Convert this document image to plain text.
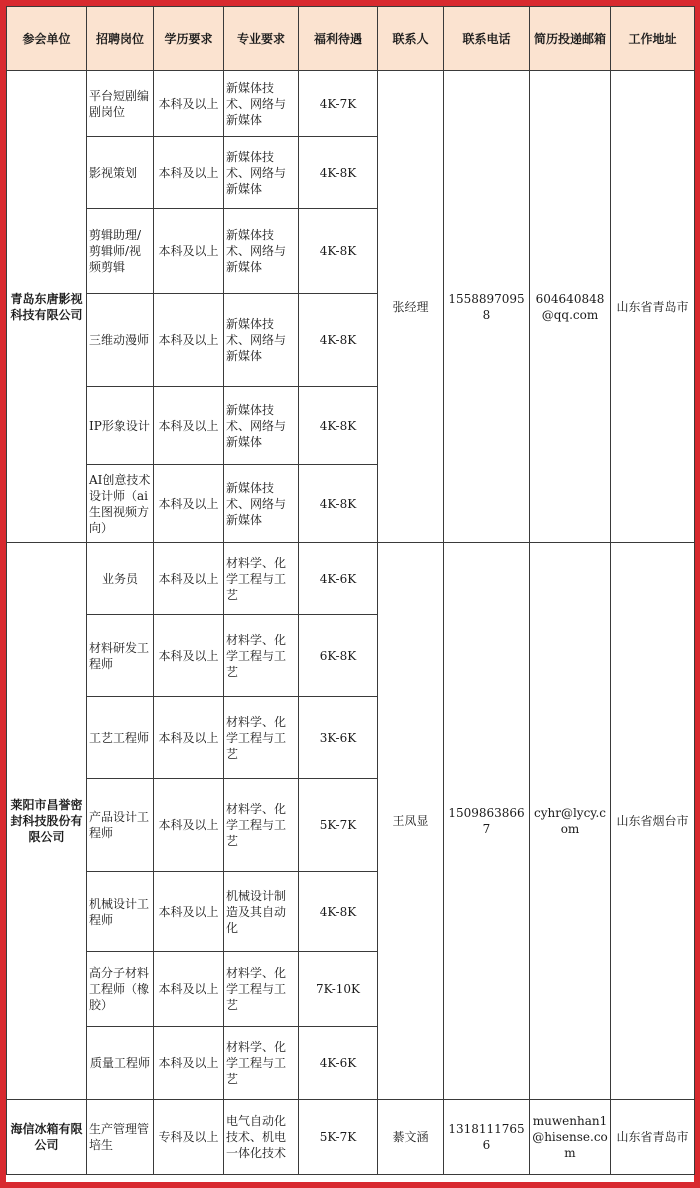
参会单位	招聘岗位	学历要求	专业要求	福利待遇	联系人	联系电话	简历投递邮箱	工作地址
青岛东唐影视科技有限公司	平台短剧编剧岗位	本科及以上	新媒体技术、网络与新媒体	4K-7K	张经理	15588970958	604640848@qq.com	山东省青岛市
	影视策划	本科及以上	新媒体技术、网络与新媒体	4K-8K				
	剪辑助理/剪辑师/视频剪辑	本科及以上	新媒体技术、网络与新媒体	4K-8K				
	三维动漫师	本科及以上	新媒体技术、网络与新媒体	4K-8K				
	IP形象设计	本科及以上	新媒体技术、网络与新媒体	4K-8K				
	AI创意技术设计师（ai生图视频方向）	本科及以上	新媒体技术、网络与新媒体	4K-8K				
莱阳市昌誉密封科技股份有限公司	业务员	本科及以上	材料学、化学工程与工艺	4K-6K	王凤显	15098638667	cyhr@lycy.com	山东省烟台市
	材料研发工程师	本科及以上	材料学、化学工程与工艺	6K-8K				
	工艺工程师	本科及以上	材料学、化学工程与工艺	3K-6K				
	产品设计工程师	本科及以上	材料学、化学工程与工艺	5K-7K				
	机械设计工程师	本科及以上	机械设计制造及其自动化	4K-8K				
	高分子材料工程师（橡胶）	本科及以上	材料学、化学工程与工艺	7K-10K				
	质量工程师	本科及以上	材料学、化学工程与工艺	4K-6K				
海信冰箱有限公司	生产管理管培生	专科及以上	电气自动化技术、机电一体化技术	5K-7K	綦文涵	13181117656	muwenhan1@hisense.com	山东省青岛市
